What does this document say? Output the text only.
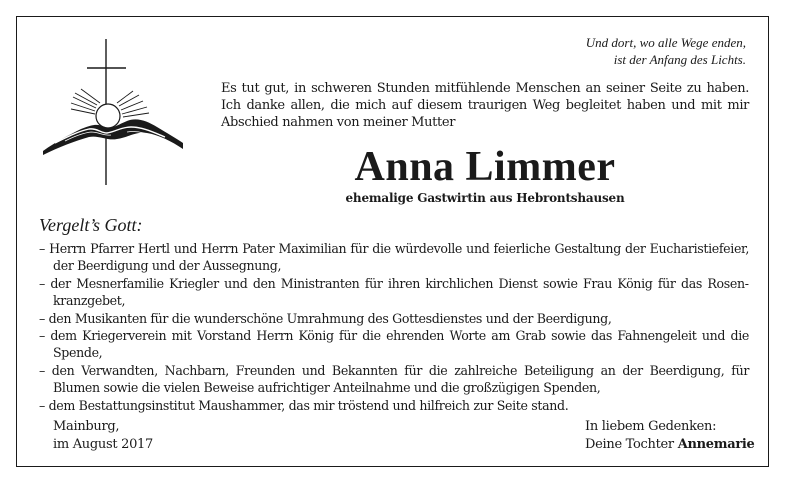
Und dort, wo alle Wege enden,
ist der Anfang des Lichts.
Es tut gut, in schweren Stunden mitfühlende Menschen an seiner Seite zu haben. Ich danke allen, die mich auf diesem traurigen Weg begleitet haben und mit mir Abschied nahmen von meiner Mutter
Anna Limmer
ehemalige Gastwirtin aus Hebrontshausen
Vergelt’s Gott:
– Herrn Pfarrer Hertl und Herrn Pater Maximilian für die würdevolle und feierliche Gestaltung der Eucharistiefeier, der Beerdigung und der Aussegnung,
– der Mesnerfamilie Kriegler und den Ministranten für ihren kirchlichen Dienst sowie Frau König für das Rosenkranzgebet,
– den Musikanten für die wunderschöne Umrahmung des Gottesdienstes und der Beerdigung,
– dem Kriegerverein mit Vorstand Herrn König für die ehrenden Worte am Grab sowie das Fahnengeleit und die Spende,
– den Verwandten, Nachbarn, Freunden und Bekannten für die zahlreiche Beteiligung an der Beerdigung, für Blumen sowie die vielen Beweise aufrichtiger Anteilnahme und die großzügigen Spenden,
– dem Bestattungsinstitut Maushammer, das mir tröstend und hilfreich zur Seite stand.
Mainburg,
im August 2017
In liebem Gedenken:
Deine Tochter Annemarie
